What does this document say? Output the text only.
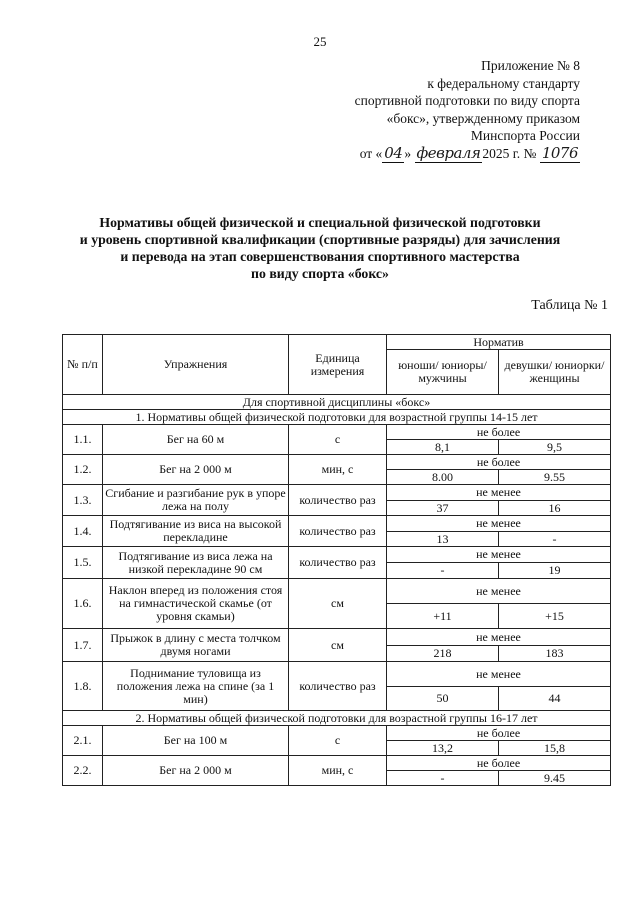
25
Приложение № 8
к федеральному стандарту
спортивной подготовки по виду спорта
«бокс», утвержденному приказом
Минспорта России
от « 04 » февраля 2025 г. № 1076
Нормативы общей физической и специальной физической подготовки
и уровень спортивной квалификации (спортивные разряды) для зачисления
и перевода на этап совершенствования спортивного мастерства
по виду спорта «бокс»
Таблица № 1
№ п/п	Упражнения	Единица измерения	Норматив	
			юноши/ юниоры/ мужчины	девушки/ юниорки/ женщины
Для спортивной дисциплины «бокс»				
1. Нормативы общей физической подготовки для возрастной группы 14-15 лет				
1.1.	Бег на 60 м	с	не более	
			8,1	9,5
1.2.	Бег на 2 000 м	мин, с	не более	
			8.00	9.55
1.3.	Сгибание и разгибание рук в упоре лежа на полу	количество раз	не менее	
			37	16
1.4.	Подтягивание из виса на высокой перекладине	количество раз	не менее	
			13	-
1.5.	Подтягивание из виса лежа на низкой перекладине 90 см	количество раз	не менее	
			-	19
1.6.	Наклон вперед из положения стоя на гимнастической скамье (от уровня скамьи)	см	не менее	
			+11	+15
1.7.	Прыжок в длину с места толчком двумя ногами	см	не менее	
			218	183
1.8.	Поднимание туловища из положения лежа на спине (за 1 мин)	количество раз	не менее	
			50	44
2. Нормативы общей физической подготовки для возрастной группы 16-17 лет				
2.1.	Бег на 100 м	с	не более	
			13,2	15,8
2.2.	Бег на 2 000 м	мин, с	не более	
			-	9.45
